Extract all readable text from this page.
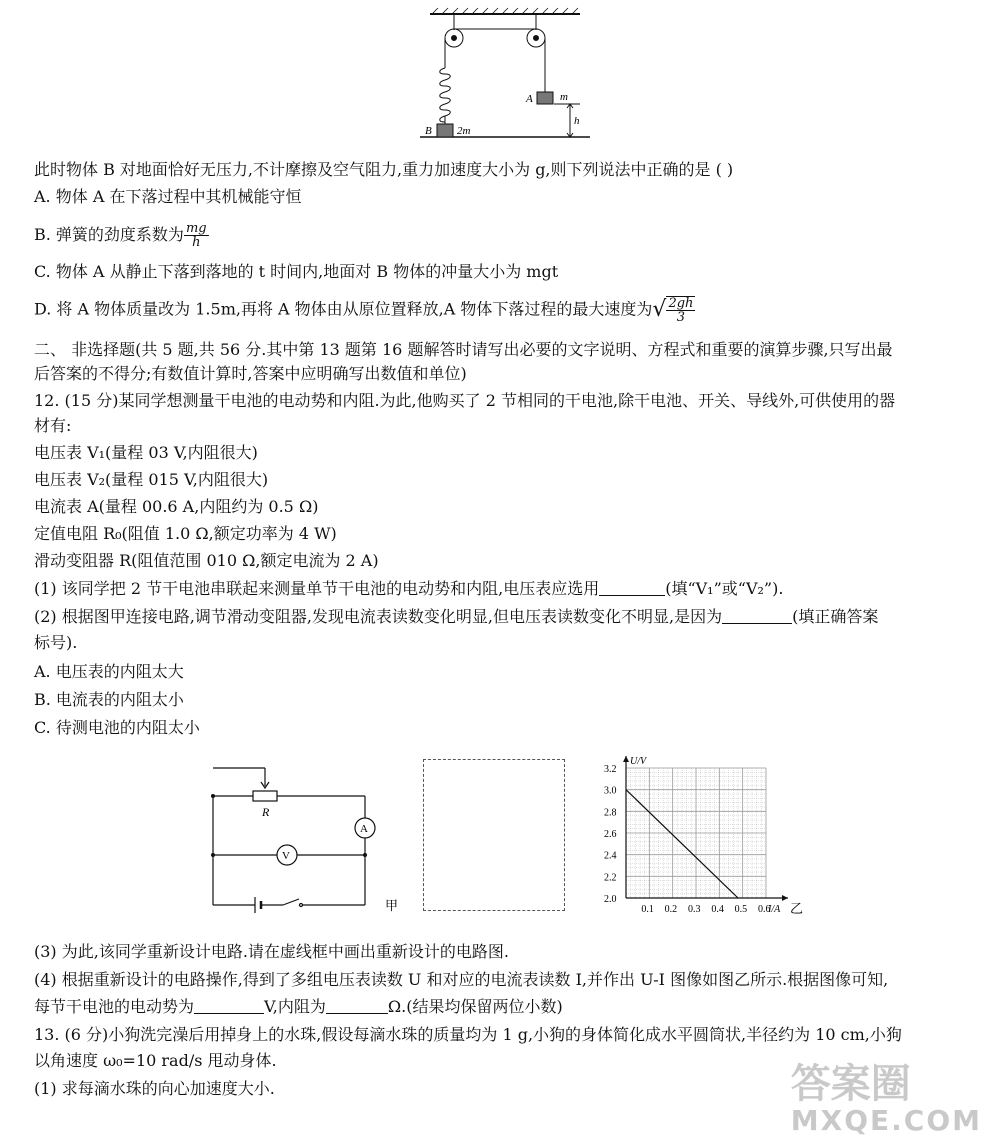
A m
h
B 2m
此时物体 B 对地面恰好无压力,不计摩擦及空气阻力,重力加速度大小为 g,则下列说法中正确的是 ( )
A. 物体 A 在下落过程中其机械能守恒
B. 弹簧的劲度系数为 $\frac{mg}{h}$
C. 物体 A 从静止下落到落地的 t 时间内,地面对 B 物体的冲量大小为 mgt
D. 将 A 物体质量改为 1.5m,再将 A 物体由从原位置释放,A 物体下落过程的最大速度为√ $\frac{2gh}{3}$
二、 非选择题(共 5 题,共 56 分.其中第 13 题第 16 题解答时请写出必要的文字说明、方程式和重要的演算步骤,只写出最
后答案的不得分;有数值计算时,答案中应明确写出数值和单位)
12. (15 分)某同学想测量干电池的电动势和内阻.为此,他购买了 2 节相同的干电池,除干电池、开关、导线外,可供使用的器
材有:
电压表 V₁(量程 03 V,内阻很大)
电压表 V₂(量程 015 V,内阻很大)
电流表 A(量程 00.6 A,内阻约为 0.5 Ω)
定值电阻 R₀(阻值 1.0 Ω,额定功率为 4 W)
滑动变阻器 R(阻值范围 010 Ω,额定电流为 2 A)
(1) 该同学把 2 节干电池串联起来测量单节干电池的电动势和内阻,电压表应选用	(填“V₁”或“V₂”).
(2) 根据图甲连接电路,调节滑动变阻器,发现电流表读数变化明显,但电压表读数变化不明显,是因为	(填正确答案
标号).
A. 电压表的内阻太大
B. 电流表的内阻太小
C. 待测电池的内阻太小
R
A
V
甲	0.1 0.2 0.3 0.4 0.5 0.6
2.0
2.2
2.4
2.6
2.8
3.0
3.2
I/A
U/V
乙
(3) 为此,该同学重新设计电路.请在虚线框中画出重新设计的电路图.
(4) 根据重新设计的电路操作,得到了多组电压表读数 U 和对应的电流表读数 I,并作出 U-I 图像如图乙所示.根据图像可知,
每节干电池的电动势为	V,内阻为	Ω.(结果均保留两位小数)
13. (6 分)小狗洗完澡后用掉身上的水珠,假设每滴水珠的质量均为 1 g,小狗的身体简化成水平圆筒状,半径约为 10 cm,小狗
以角速度 ω₀=10 rad/s 甩动身体.
(1) 求每滴水珠的向心加速度大小.	答案圈
MXQE.COM
